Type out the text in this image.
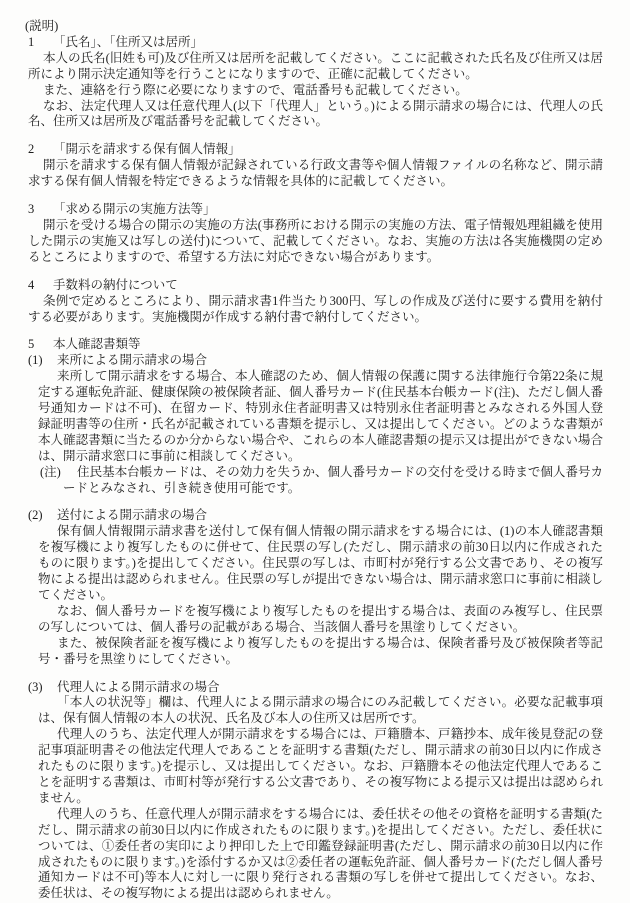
(説明)

1 「氏名」、「住所又は居所」

本人の氏名(旧姓も可)及び住所又は居所を記載してください。ここに記載された氏名及び住所又は居所により開示決定通知等を行うことになりますので、正確に記載してください。

また、連絡を行う際に必要になりますので、電話番号も記載してください。

なお、法定代理人又は任意代理人(以下「代理人」という。)による開示請求の場合には、代理人の氏名、住所又は居所及び電話番号を記載してください。

2 「開示を請求する保有個人情報」

開示を請求する保有個人情報が記録されている行政文書等や個人情報ファイルの名称など、開示請求する保有個人情報を特定できるような情報を具体的に記載してください。

3 「求める開示の実施方法等」

開示を受ける場合の開示の実施の方法(事務所における開示の実施の方法、電子情報処理組織を使用した開示の実施又は写しの送付)について、記載してください。なお、実施の方法は各実施機関の定めるところによりますので、希望する方法に対応できない場合があります。

4 手数料の納付について

条例で定めるところにより、開示請求書1件当たり300円、写しの作成及び送付に要する費用を納付する必要があります。実施機関が作成する納付書で納付してください。

5 本人確認書類等

(1) 来所による開示請求の場合

来所して開示請求をする場合、本人確認のため、個人情報の保護に関する法律施行令第22条に規定する運転免許証、健康保険の被保険者証、個人番号カード(住民基本台帳カード(注)、ただし個人番号通知カードは不可)、在留カード、特別永住者証明書又は特別永住者証明書とみなされる外国人登録証明書等の住所・氏名が記載されている書類を提示し、又は提出してください。どのような書類が本人確認書類に当たるのか分からない場合や、これらの本人確認書類の提示又は提出ができない場合は、開示請求窓口に事前に相談してください。

(注) 住民基本台帳カードは、その効力を失うか、個人番号カードの交付を受ける時まで個人番号カードとみなされ、引き続き使用可能です。

(2) 送付による開示請求の場合

保有個人情報開示請求書を送付して保有個人情報の開示請求をする場合には、(1)の本人確認書類を複写機により複写したものに併せて、住民票の写し(ただし、開示請求の前30日以内に作成されたものに限ります。)を提出してください。住民票の写しは、市町村が発行する公文書であり、その複写物による提出は認められません。住民票の写しが提出できない場合は、開示請求窓口に事前に相談してください。

なお、個人番号カードを複写機により複写したものを提出する場合は、表面のみ複写し、住民票の写しについては、個人番号の記載がある場合、当該個人番号を黒塗りしてください。

また、被保険者証を複写機により複写したものを提出する場合は、保険者番号及び被保険者等記号・番号を黒塗りにしてください。

(3) 代理人による開示請求の場合

「本人の状況等」欄は、代理人による開示請求の場合にのみ記載してください。必要な記載事項は、保有個人情報の本人の状況、氏名及び本人の住所又は居所です。

代理人のうち、法定代理人が開示請求をする場合には、戸籍謄本、戸籍抄本、成年後見登記の登記事項証明書その他法定代理人であることを証明する書類(ただし、開示請求の前30日以内に作成されたものに限ります。)を提示し、又は提出してください。なお、戸籍謄本その他法定代理人であることを証明する書類は、市町村等が発行する公文書であり、その複写物による提示又は提出は認められません。

代理人のうち、任意代理人が開示請求をする場合には、委任状その他その資格を証明する書類(ただし、開示請求の前30日以内に作成されたものに限ります。)を提出してください。ただし、委任状については、①委任者の実印により押印した上で印鑑登録証明書(ただし、開示請求の前30日以内に作成されたものに限ります。)を添付するか又は②委任者の運転免許証、個人番号カード(ただし個人番号通知カードは不可)等本人に対し一に限り発行される書類の写しを併せて提出してください。なお、委任状は、その複写物による提出は認められません。
